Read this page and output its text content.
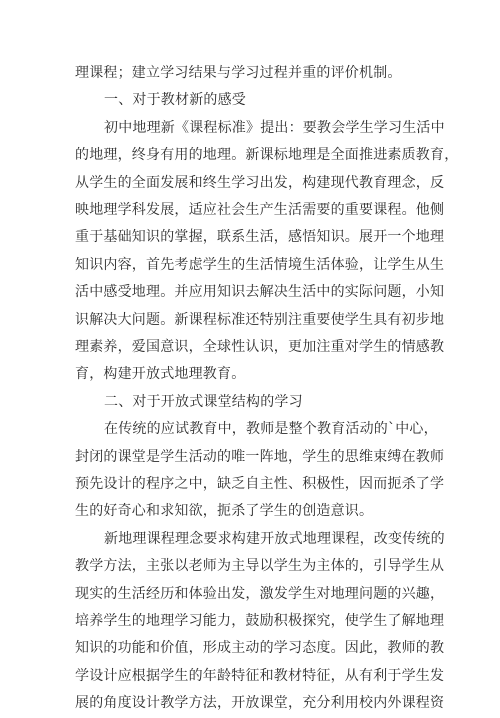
理课程；建立学习结果与学习过程并重的评价机制。
一、对于教材新的感受
初中地理新《课程标准》提出：要教会学生学习生活中
的地理，终身有用的地理。新课标地理是全面推进素质教育，
从学生的全面发展和终生学习出发，构建现代教育理念，反
映地理学科发展，适应社会生产生活需要的重要课程。他侧
重于基础知识的掌握，联系生活，感悟知识。展开一个地理
知识内容，首先考虑学生的生活情境生活体验，让学生从生
活中感受地理。并应用知识去解决生活中的实际问题，小知
识解决大问题。新课程标准还特别注重要使学生具有初步地
理素养，爱国意识，全球性认识，更加注重对学生的情感教
育，构建开放式地理教育。
二、对于开放式课堂结构的学习
在传统的应试教育中，教师是整个教育活动的`中心，
封闭的课堂是学生活动的唯一阵地，学生的思维束缚在教师
预先设计的程序之中，缺乏自主性、积极性，因而扼杀了学
生的好奇心和求知欲，扼杀了学生的创造意识。
新地理课程理念要求构建开放式地理课程，改变传统的
教学方法，主张以老师为主导以学生为主体的，引导学生从
现实的生活经历和体验出发，激发学生对地理问题的兴趣，
培养学生的地理学习能力，鼓励积极探究，使学生了解地理
知识的功能和价值，形成主动的学习态度。因此，教师的教
学设计应根据学生的年龄特征和教材特征，从有利于学生发
展的角度设计教学方法，开放课堂，充分利用校内外课程资
